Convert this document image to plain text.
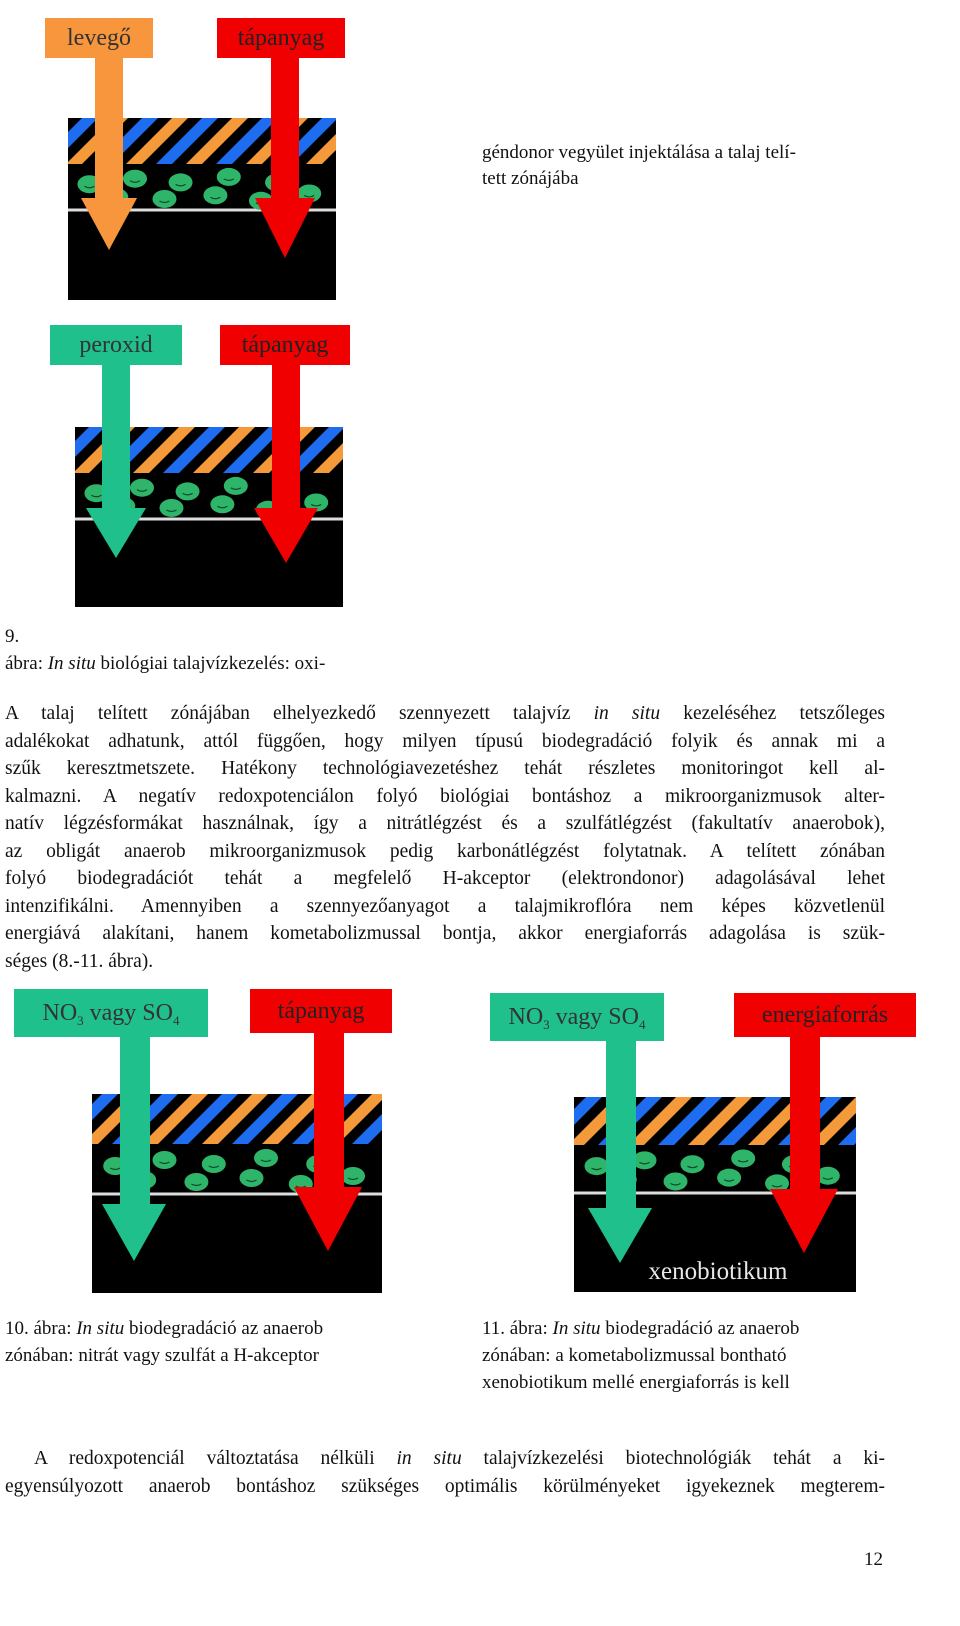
levegő	tápanyag
géndonor vegyület injektálása a talaj telí-
tett zónájába
peroxid	tápanyag
9.
ábra: In situ biológiai talajvízkezelés: oxi-
A talaj telített zónájában elhelyezkedő szennyezett talajvíz in situ kezeléséhez tetszőleges
adalékokat adhatunk, attól függően, hogy milyen típusú biodegradáció folyik és annak mi a
szűk keresztmetszete. Hatékony technológiavezetéshez tehát részletes monitoringot kell al-
kalmazni. A negatív redoxpotenciálon folyó biológiai bontáshoz a mikroorganizmusok alter-
natív légzésformákat használnak, így a nitrátlégzést és a szulfátlégzést (fakultatív anaerobok),
az obligát anaerob mikroorganizmusok pedig karbonátlégzést folytatnak. A telített zónában
folyó biodegradációt tehát a megfelelő H-akceptor (elektrondonor) adagolásával lehet
intenzifikálni. Amennyiben a szennyezőanyagot a talajmikroflóra nem képes közvetlenül
energiává alakítani, hanem kometabolizmussal bontja, akkor energiaforrás adagolása is szük-
séges (8.-11. ábra).
$NO_3$ vagy $SO_4$	tápanyag	$NO_3$ vagy $SO_4$	energiaforrás
xenobiotikum
10. ábra: In situ biodegradáció az anaerob
zónában: nitrát vagy szulfát a H-akceptor
11. ábra: In situ biodegradáció az anaerob
zónában: a kometabolizmussal bontható
xenobiotikum mellé energiaforrás is kell
A redoxpotenciál változtatása nélküli in situ talajvízkezelési biotechnológiák tehát a ki-
egyensúlyozott anaerob bontáshoz szükséges optimális körülményeket igyekeznek megterem-
12
